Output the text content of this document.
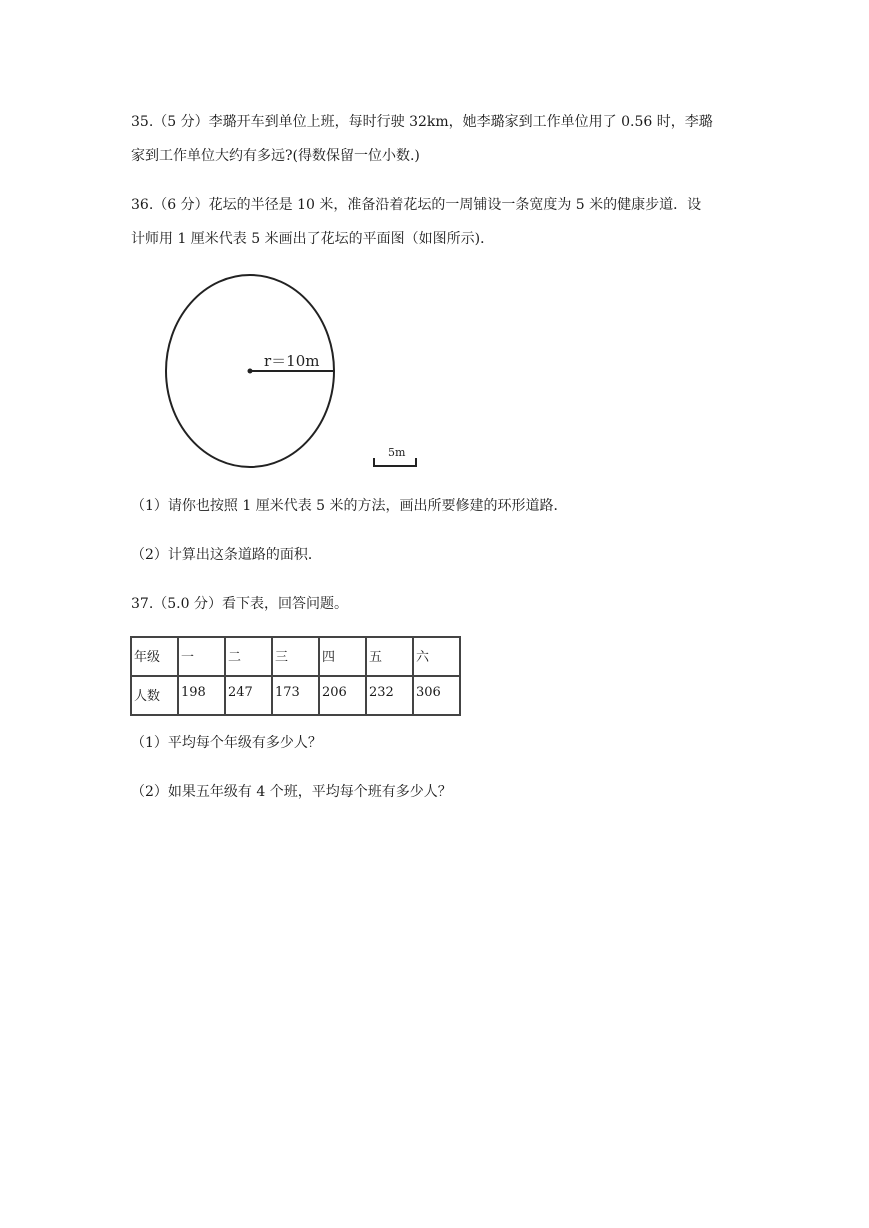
35.（5 分）李璐开车到单位上班，每时行驶 32km，她李璐家到工作单位用了 0.56 时，李璐
家到工作单位大约有多远?(得数保留一位小数.)
36.（6 分）花坛的半径是 10 米，准备沿着花坛的一周铺设一条宽度为 5 米的健康步道．设
计师用 1 厘米代表 5 米画出了花坛的平面图（如图所示)．
r＝10m
5m
（1）请你也按照 1 厘米代表 5 米的方法，画出所要修建的环形道路．
（2）计算出这条道路的面积．
37.（5.0 分）看下表，回答问题。
年级	一	二	三	四	五	六
人数	198	247	173	206	232	306
（1）平均每个年级有多少人？
（2）如果五年级有 4 个班，平均每个班有多少人？
